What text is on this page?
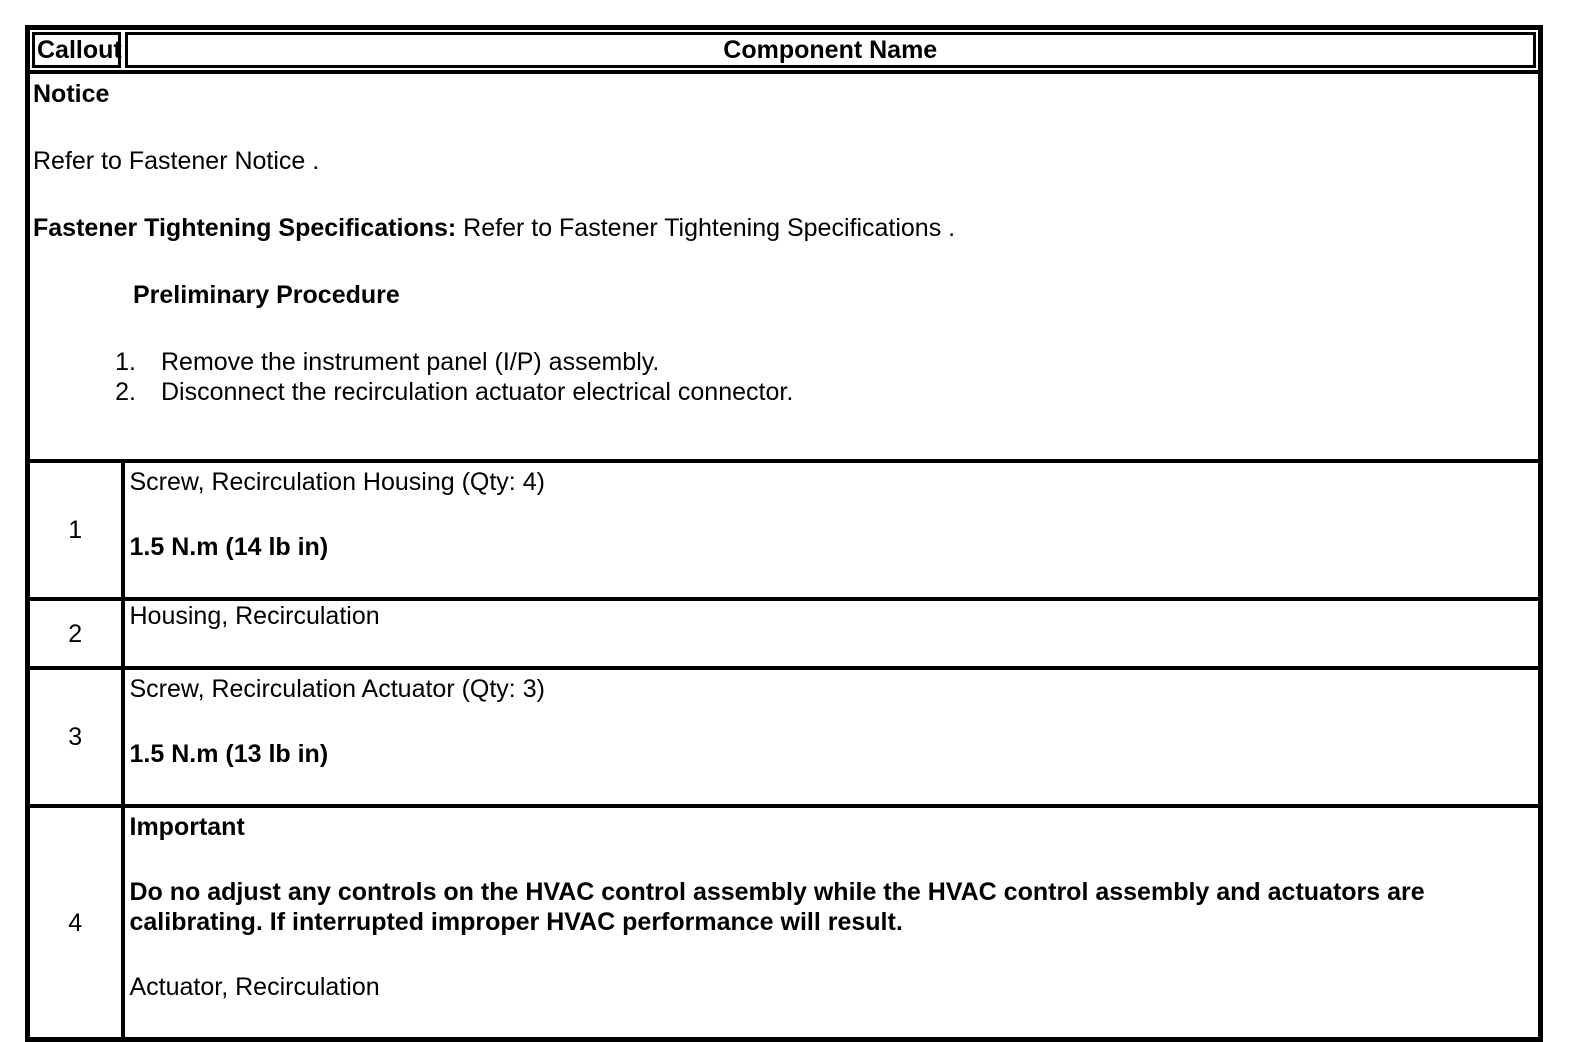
Callout	Component Name

Notice

Refer to Fastener Notice .

Fastener Tightening Specifications: Refer to Fastener Tightening Specifications .

Preliminary Procedure

1. Remove the instrument panel (I/P) assembly.
2. Disconnect the recirculation actuator electrical connector.

1	Screw, Recirculation Housing (Qty: 4)

1.5 N.m (14 lb in)

2	Housing, Recirculation

3	Screw, Recirculation Actuator (Qty: 3)

1.5 N.m (13 lb in)

4	Important

Do no adjust any controls on the HVAC control assembly while the HVAC control assembly and actuators are calibrating. If interrupted improper HVAC performance will result.

Actuator, Recirculation
